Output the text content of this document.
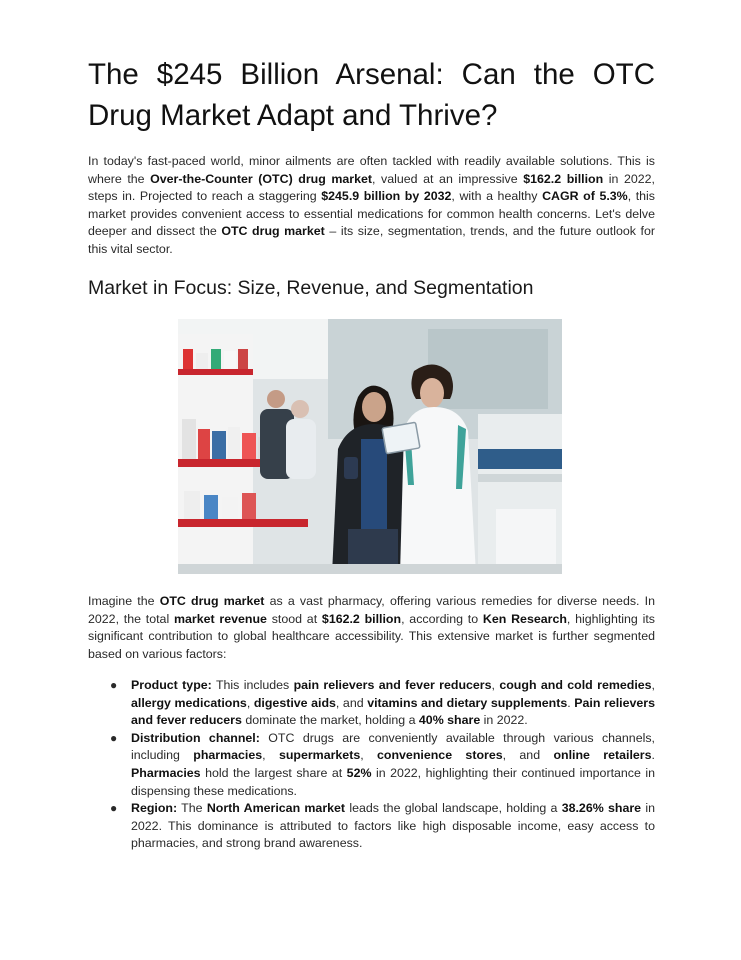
The $245 Billion Arsenal: Can the OTC Drug Market Adapt and Thrive?

In today's fast-paced world, minor ailments are often tackled with readily available solutions. This is where the Over-the-Counter (OTC) drug market, valued at an impressive $162.2 billion in 2022, steps in. Projected to reach a staggering $245.9 billion by 2032, with a healthy CAGR of 5.3%, this market provides convenient access to essential medications for common health concerns. Let's delve deeper and dissect the OTC drug market – its size, segmentation, trends, and the future outlook for this vital sector.

Market in Focus: Size, Revenue, and Segmentation

Imagine the OTC drug market as a vast pharmacy, offering various remedies for diverse needs. In 2022, the total market revenue stood at $162.2 billion, according to Ken Research, highlighting its significant contribution to global healthcare accessibility. This extensive market is further segmented based on various factors:

● Product type: This includes pain relievers and fever reducers, cough and cold remedies, allergy medications, digestive aids, and vitamins and dietary supplements. Pain relievers and fever reducers dominate the market, holding a 40% share in 2022.
● Distribution channel: OTC drugs are conveniently available through various channels, including pharmacies, supermarkets, convenience stores, and online retailers. Pharmacies hold the largest share at 52% in 2022, highlighting their continued importance in dispensing these medications.
● Region: The North American market leads the global landscape, holding a 38.26% share in 2022. This dominance is attributed to factors like high disposable income, easy access to pharmacies, and strong brand awareness.
